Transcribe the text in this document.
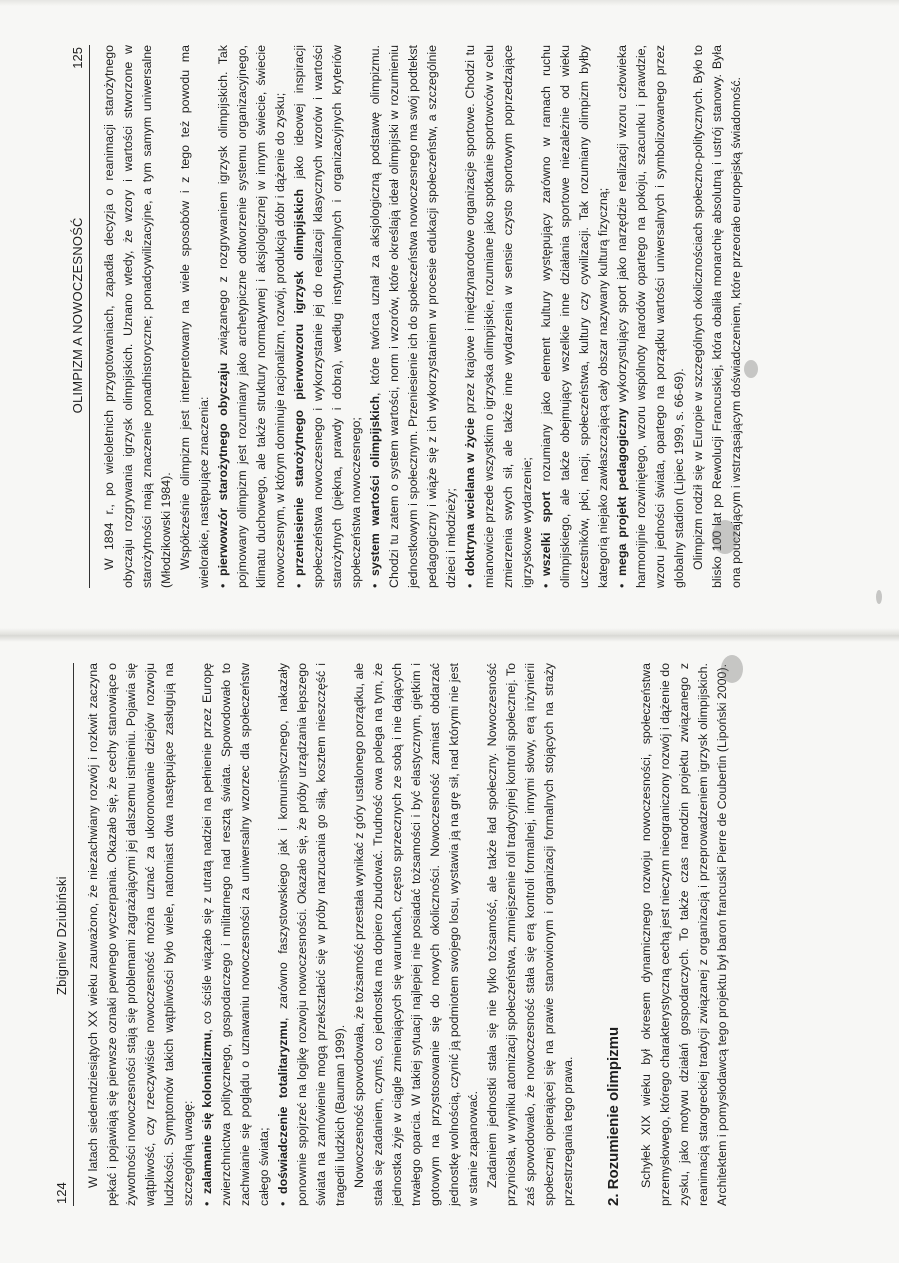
124
Zbigniew Dziubiński W latach siedemdziesiątych XX wieku zauważono, że niezachwiany rozwój i rozkwit zaczyna pękać i pojawiają się pierwsze oznaki pewnego wyczerpania. Okazało się, że cechy stanowiące o żywotności nowoczesności stają się problemami zagrażającymi jej dalszemu istnieniu. Pojawia się wątpliwość, czy rzeczywiście nowoczesność można uznać za ukoronowanie dziejów rozwoju ludzkości. Symptomów takich wątpliwości było wiele, natomiast dwa następujące zasługują na szczególną uwagę: •zalamanie się kolonializmu, co ściśle wiązało się z utratą nadziei na pełnienie przez Europę zwierzchnictwa politycznego, gospodarczego i militarnego nad resztą świata. Spowodowało to zachwianie się poglądu o uznawaniu nowoczesności za uniwersalny wzorzec dla społeczeństw całego świata; •doświadczenie totalitaryzmu, zarówno faszystowskiego jak i komunistycznego, nakazały ponownie spojrzeć na logikę rozwoju nowoczesności. Okazało się, że próby urządzania lepszego świata na zamówienie mogą przekształcić się w próby narzucania go siłą, kosztem nieszczęść i tragedii ludzkich (Bauman 1999). Nowoczesność spowodowała, że tożsamość przestała wynikać z góry ustalonego porządku, ale stała się zadaniem, czymś, co jednostka ma dopiero zbudować. Trudność owa polega na tym, że jednostka żyje w ciągle zmieniających się warunkach, często sprzecznych ze sobą i nie dających trwałego oparcia. W takiej sytuacji najlepiej nie posiadać tożsamości i być elastycznym, giętkim i gotowym na przystosowanie się do nowych okoliczności. Nowoczesność zamiast obdarzać jednostkę wolnością, czynić ją podmiotem swojego losu, wystawia ją na grę sił, nad którymi nie jest w stanie zapanować. Zadaniem jednostki stała się nie tylko tożsamość, ale także ład społeczny. Nowoczesność przyniosła, w wyniku atomizacji społeczeństwa, zmniejszenie roli tradycyjnej kontroli społecznej. To zaś spowodowało, że nowoczesność stała się erą kontroli formalnej, innymi słowy, erą inżynierii społecznej opierającej się na prawie stanowionym i organizacji formalnych stojących na straży przestrzegania tego prawa. 2. Rozumienie olimpizmu Schyłek XIX wieku był okresem dynamicznego rozwoju nowoczesności, społeczeństwa przemysłowego, którego charakterystyczną cechą jest nieczym nieograniczony rozwój i dążenie do zysku, jako motywu działań gospodarczych. To także czas narodzin projektu związanego z reanimacją starogreckiej tradycji związanej z organizacją i przeprowadzeniem igrzysk olimpijskich. Architektem i pomysłodawcą tego projektu był baron francuski Pierre de Coubertin (Lipoński 2000).

OLIMPIZM A NOWOCZESNOŚĆ
125 W 1894 r., po wieloletnich przygotowaniach, zapadła decyzja o reanimacji starożytnego obyczaju rozgrywania igrzysk olimpijskich. Uznano wtedy, że wzory i wartości stworzone w starożytności mają znaczenie ponadhistoryczne; ponadcywilizacyjne, a tym samym uniwersalne (Młodzikowski 1984). Współcześnie olimpizm jest interpretowany na wiele sposobów i z tego też powodu ma wielorakie, następujące znaczenia: •pierwowzór starożytnego obyczaju związanego z rozgrywaniem igrzysk olimpijskich. Tak pojmowany olimpizm jest rozumiany jako archetypiczne odtworzenie systemu organizacyjnego, klimatu duchowego, ale także struktury normatywnej i aksjologicznej w innym świecie, świecie nowoczesnym, w którym dominuje racjonalizm, rozwój, produkcja dóbr i dążenie do zysku; •przeniesienie starożytnego pierwowzoru igrzysk olimpijskich jako ideowej inspiracji społeczeństwa nowoczesnego i wykorzystanie jej do realizacji klasycznych wzorów i wartości starożytnych (piękna, prawdy i dobra), według instytucjonalnych i organizacyjnych kryteriów społeczeństwa nowoczesnego; •system wartości olimpijskich, które twórca uznał za aksjologiczną podstawę olimpizmu. Chodzi tu zatem o system wartości, norm i wzorów, które określają ideał olimpijski w rozumieniu jednostkowym i społecznym. Przeniesienie ich do społeczeństwa nowoczesnego ma swój podtekst pedagogiczny i wiąże się z ich wykorzystaniem w procesie edukacji społeczeństw, a szczególnie dzieci i młodzieży; •doktryna wcielana w życie przez krajowe i międzynarodowe organizacje sportowe. Chodzi tu mianowicie przede wszystkim o igrzyska olimpijskie, rozumiane jako spotkanie sportowców w celu zmierzenia swych sił, ale także inne wydarzenia w sensie czysto sportowym poprzedzające igrzyskowe wydarzenie; •wszelki sport rozumiany jako element kultury występujący zarówno w ramach ruchu olimpijskiego, ale także obejmujący wszelkie inne działania sportowe niezależnie od wieku uczestników, płci, nacji, społeczeństwa, kultury czy cywilizacji. Tak rozumiany olimpizm byłby kategorią niejako zawłaszczającą cały obszar nazywany kulturą fizyczną; •mega projekt pedagogiczny wykorzystujący sport jako narzędzie realizacji wzoru człowieka harmonijnie rozwiniętego, wzoru wspólnoty narodów opartego na pokoju, szacunku i prawdzie, wzoru jedności świata, opartego na porządku wartości uniwersalnych i symbolizowanego przez globalny stadion (Lipiec 1999, s. 66-69). Olimpizm rodził się w Europie w szczególnych okolicznościach społeczno-politycznych. Było to blisko 100 lat po Rewolucji Francuskiej, która obaliła monarchię absolutną i ustrój stanowy. Była ona pouczającym i wstrząsającym doświadczeniem, które przeorało europejską świadomość.
